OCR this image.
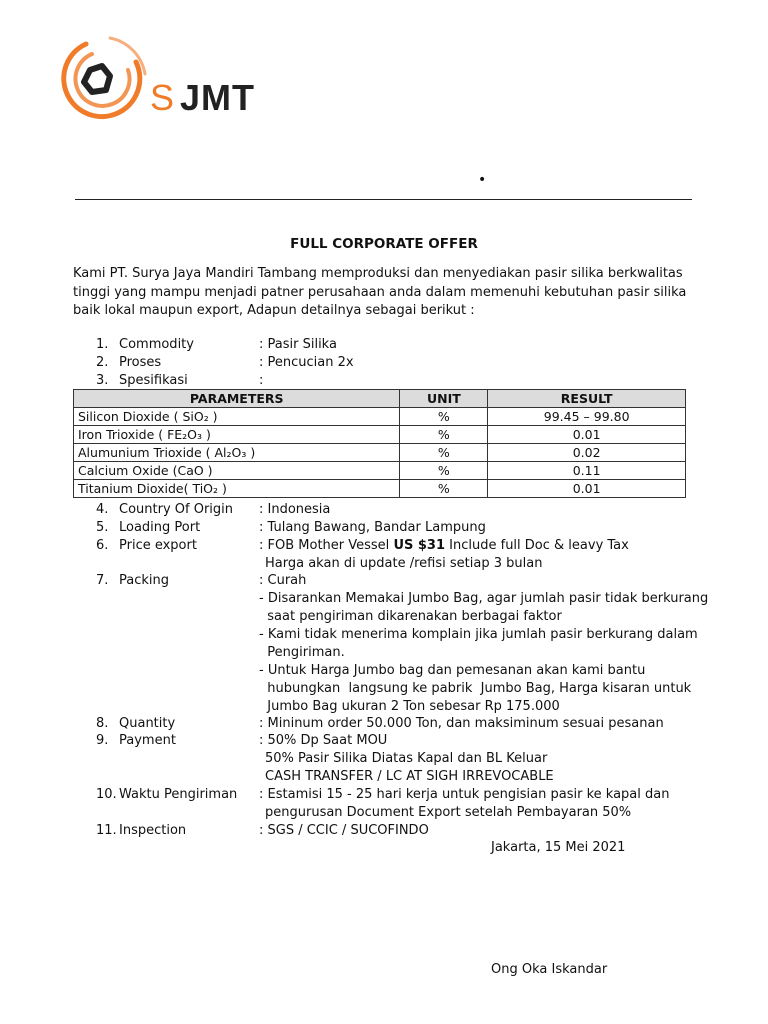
S JMT
•
FULL CORPORATE OFFER
Kami PT. Surya Jaya Mandiri Tambang memproduksi dan menyediakan pasir silika berkwalitas tinggi yang mampu menjadi patner perusahaan anda dalam memenuhi kebutuhan pasir silika baik lokal maupun export, Adapun detailnya sebagai berikut :
1. Commodity	: Pasir Silika
2. Proses	: Pencucian 2x
3. Spesifikasi	:
PARAMETERS	UNIT	RESULT
Silicon Dioxide ( SiO₂ )	%	99.45 – 99.80
Iron Trioxide ( FE₂O₃ )	%	0.01
Alumunium Trioxide ( Al₂O₃ )	%	0.02
Calcium Oxide (CaO )	%	0.11
Titanium Dioxide( TiO₂ )	%	0.01
4. Country Of Origin : Indonesia
5. Loading Port	: Tulang Bawang, Bandar Lampung
6. Price export	: FOB Mother Vessel US $31 Include full Doc & leavy Tax
Harga akan di update /refisi setiap 3 bulan
7. Packing	: Curah
- Disarankan Memakai Jumbo Bag, agar jumlah pasir tidak berkurang
saat pengiriman dikarenakan berbagai faktor
- Kami tidak menerima komplain jika jumlah pasir berkurang dalam
Pengiriman.
- Untuk Harga Jumbo bag dan pemesanan akan kami bantu
hubungkan  langsung ke pabrik  Jumbo Bag, Harga kisaran untuk
Jumbo Bag ukuran 2 Ton sebesar Rp 175.000
8. Quantity	: Mininum order 50.000 Ton, dan maksiminum sesuai pesanan
9. Payment	: 50% Dp Saat MOU
50% Pasir Silika Diatas Kapal dan BL Keluar
CASH TRANSFER / LC AT SIGH IRREVOCABLE
10. Waktu Pengiriman : Estamisi 15 - 25 hari kerja untuk pengisian pasir ke kapal dan
pengurusan Document Export setelah Pembayaran 50%
11. Inspection	: SGS / CCIC / SUCOFINDO
Jakarta, 15 Mei 2021
Ong Oka Iskandar
